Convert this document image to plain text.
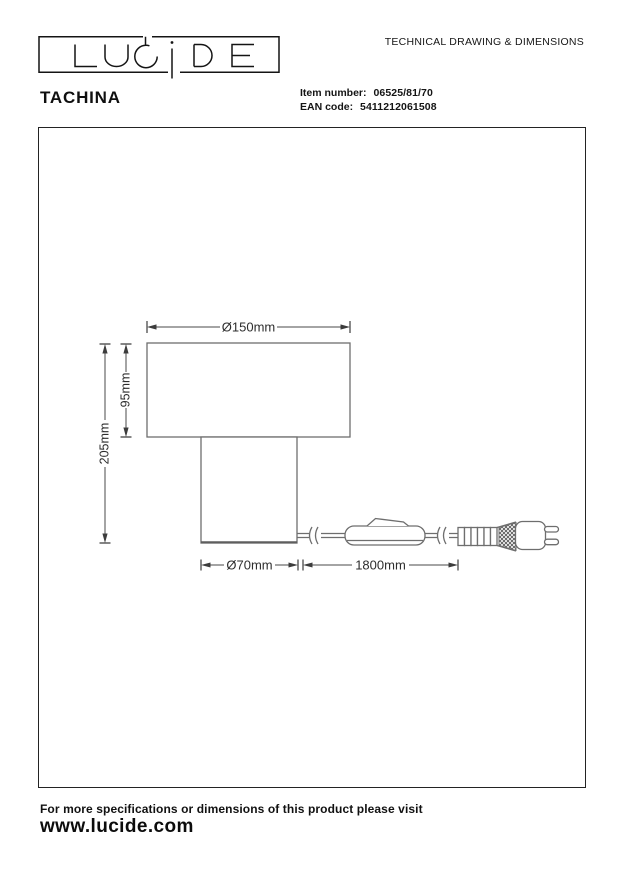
TECHNICAL DRAWING & DIMENSIONS
TACHINA	Item number: 06525/81/70
EAN code: 5411212061508
Ø150mm
95mm
205mm
Ø70mm	1800mm
For more specifications or dimensions of this product please visit
www.lucide.com
